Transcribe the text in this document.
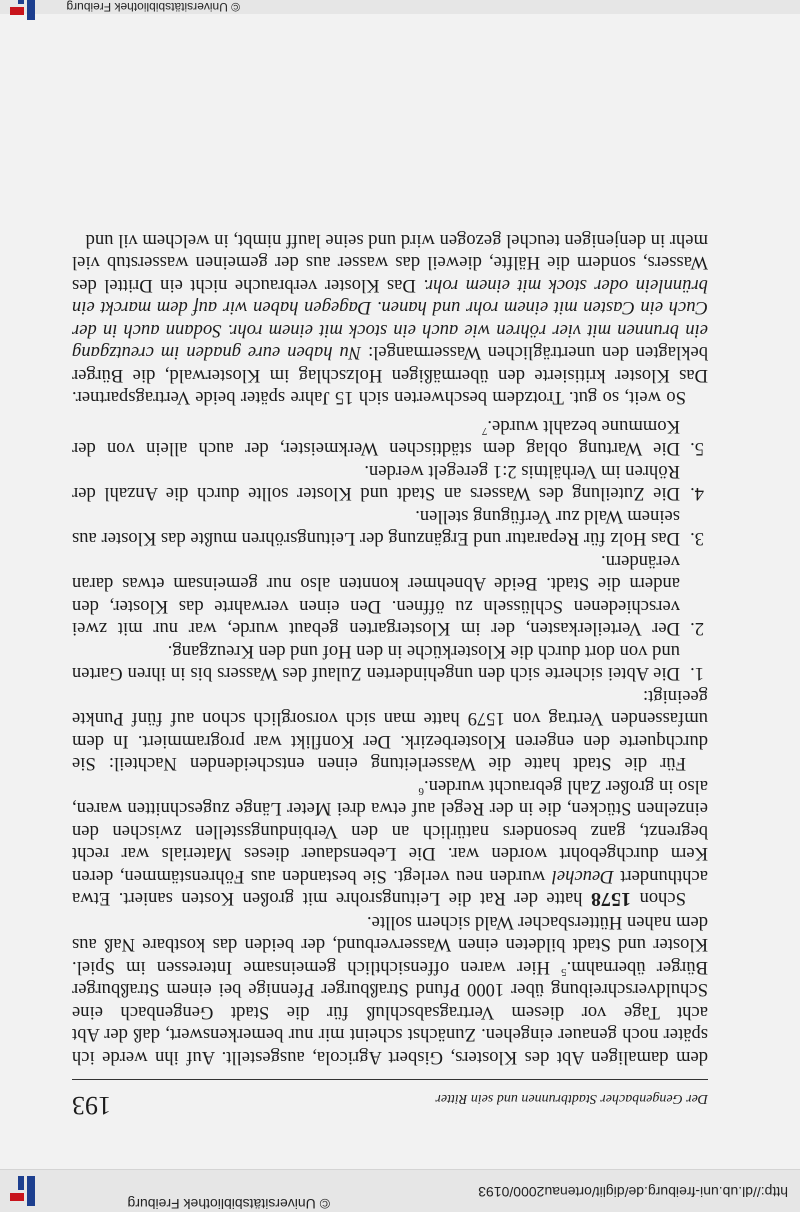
http://dl.ub.uni-freiburg.de/diglit/ortenau2000/0193
© Universitätsbibliothek Freiburg
Der Gengenbacher Stadtbrunnen und sein Ritter
193

dem damaligen Abt des Klosters, Gisbert Agricola, ausgestellt. Auf ihn werde ich später noch genauer eingehen. Zunächst scheint mir nur bemerkenswert, daß der Abt acht Tage vor diesem Vertragsabschluß für die Stadt Gengenbach eine Schuldverschreibung über 1000 Pfund Straßburger Pfennige bei einem Straßburger Bürger übernahm.$^5$ Hier waren offensichtlich gemeinsame Interessen im Spiel. Kloster und Stadt bildeten einen Wasserverbund, der beiden das kostbare Naß aus dem nahen Hüttersbacher Wald sichern sollte.

Schon 1578 hatte der Rat die Leitungsrohre mit großen Kosten saniert. Etwa achthundert Deuchel wurden neu verlegt. Sie bestanden aus Föhrenstämmen, deren Kern durchgebohrt worden war. Die Lebensdauer dieses Materials war recht begrenzt, ganz besonders natürlich an den Verbindungsstellen zwischen den einzelnen Stücken, die in der Regel auf etwa drei Meter Länge zugeschnitten waren, also in großer Zahl gebraucht wurden.$^6$

Für die Stadt hatte die Wasserleitung einen entscheidenden Nachteil: Sie durchquerte den engeren Klosterbezirk. Der Konflikt war programmiert. In dem umfassenden Vertrag von 1579 hatte man sich vorsorglich schon auf fünf Punkte geeinigt:

1.
Die Abtei sicherte sich den ungehinderten Zulauf des Wassers bis in ihren Garten und von dort durch die Klosterküche in den Hof und den Kreuzgang.
2.
Der Verteilerkasten, der im Klostergarten gebaut wurde, war nur mit zwei verschiedenen Schlüsseln zu öffnen. Den einen verwahrte das Kloster, den andern die Stadt. Beide Abnehmer konnten also nur gemeinsam etwas daran verändern.
3.
Das Holz für Reparatur und Ergänzung der Leitungsröhren mußte das Kloster aus seinem Wald zur Verfügung stellen.
4.
Die Zuteilung des Wassers an Stadt und Kloster sollte durch die Anzahl der Röhren im Verhältnis 2:1 geregelt werden.
5.
Die Wartung oblag dem städtischen Werkmeister, der auch allein von der Kommune bezahlt wurde.$^7$

So weit, so gut. Trotzdem beschwerten sich 15 Jahre später beide Vertragspartner. Das Kloster kritisierte den übermäßigen Holzschlag im Klosterwald, die Bürger beklagten den unerträglichen Wassermangel: Nu haben eure gnaden im creutzgang ein brunnen mit vier röhren wie auch ein stock mit einem rohr. Sodann auch in der Cuch ein Casten mit einem rohr und hanen. Dagegen haben wir auf dem marckt ein brünnlein oder stock mit einem rohr. Das Kloster verbrauche nicht ein Drittel des Wassers, sondern die Hälfte, dieweil das wasser aus der gemeinen wasserstub viel mehr in denjenigen teuchel gezogen wird und seine lauff nimbt, in welchem vil und

© Universitätsbibliothek Freiburg
